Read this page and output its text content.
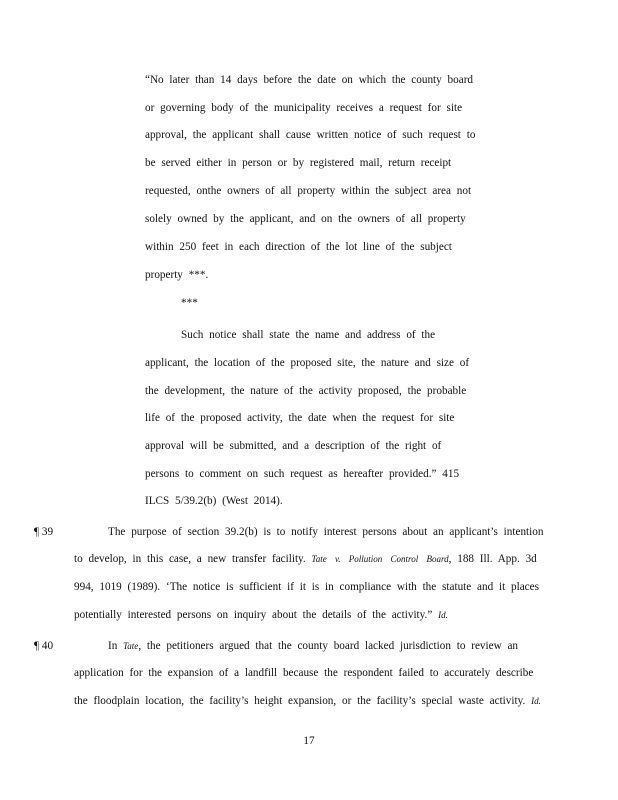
“No later than 14 days before the date on which the county board
or governing body of the municipality receives a request for site
approval, the applicant shall cause written notice of such request to
be served either in person or by registered mail, return receipt
requested, onthe owners of all property within the subject area not
solely owned by the applicant, and on the owners of all property
within 250 feet in each direction of the lot line of the subject
property ***.
***
Such notice shall state the name and address of the
applicant, the location of the proposed site, the nature and size of
the development, the nature of the activity proposed, the probable
life of the proposed activity, the date when the request for site
approval will be submitted, and a description of the right of
persons to comment on such request as hereafter provided.” 415
ILCS 5/39.2(b) (West 2014).
¶ 39	The purpose of section 39.2(b) is to notify interest persons about an applicant’s intention
to develop, in this case, a new transfer facility. Tate v. Pollution Control Board, 188 Ill. App. 3d
994, 1019 (1989). ‘The notice is sufficient if it is in compliance with the statute and it places
potentially interested persons on inquiry about the details of the activity.” Id.
¶ 40	In Tate, the petitioners argued that the county board lacked jurisdiction to review an
application for the expansion of a landfill because the respondent failed to accurately describe
the floodplain location, the facility’s height expansion, or the facility’s special waste activity. Id.
17
